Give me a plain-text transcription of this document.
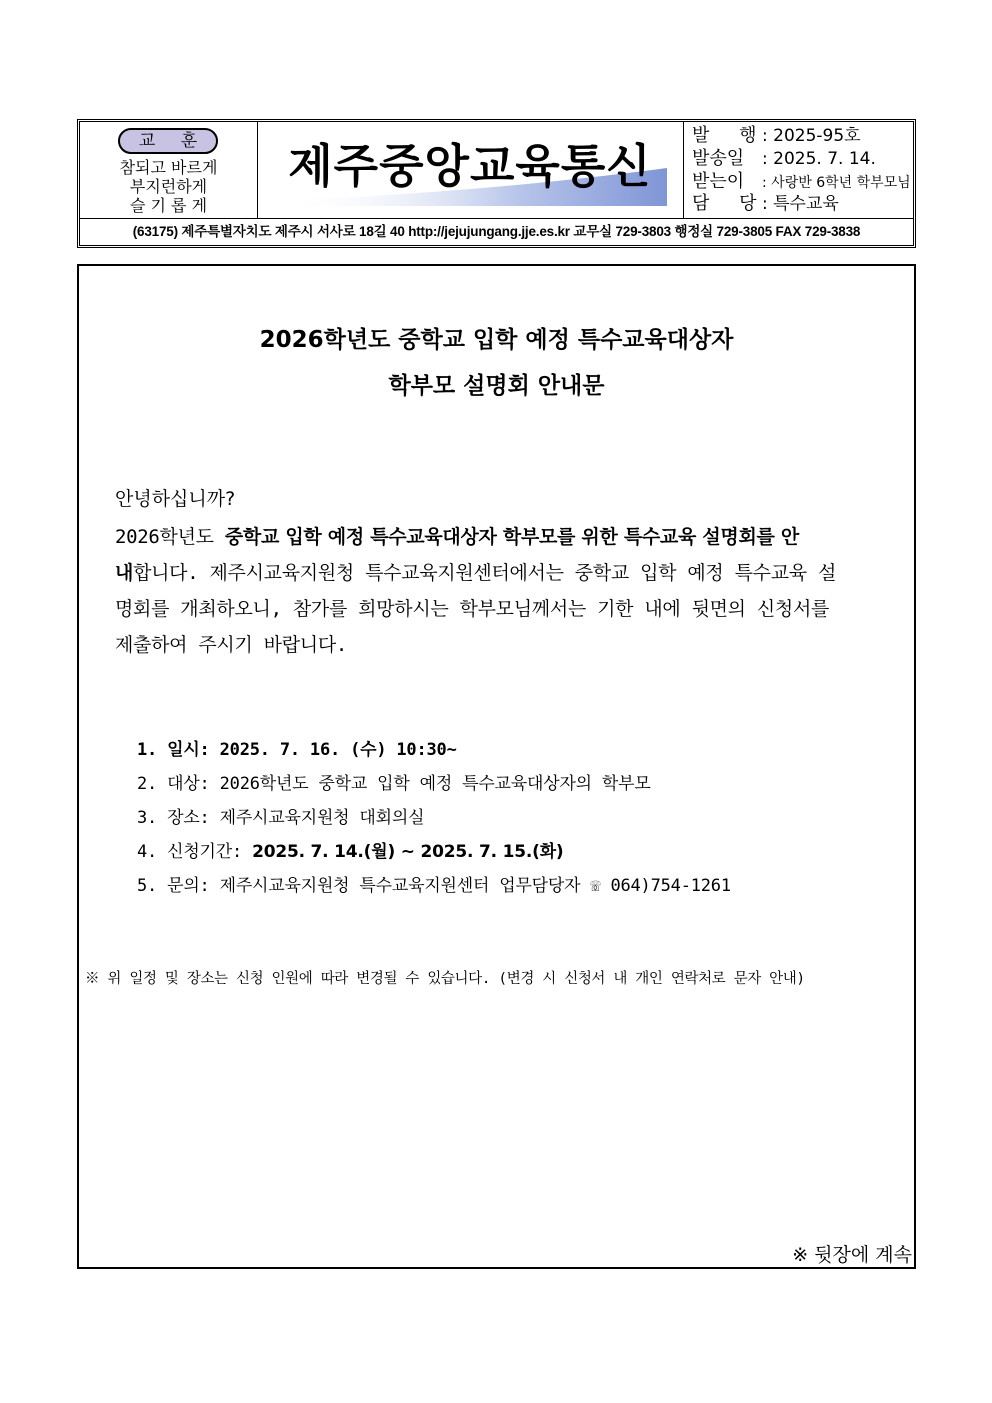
교 훈
참되고 바르게
부지런하게
슬 기 롭 게
제주중앙교육통신
발 행: 2025-95호
발송일 : 2025. 7. 14.
받는이 : 사랑반 6학년 학부모님
담 당: 특수교육
(63175) 제주특별자치도 제주시 서사로 18길 40 http://jejujungang.jje.es.kr 교무실 729-3803 행정실 729-3805 FAX 729-3838
2026학년도 중학교 입학 예정 특수교육대상자
학부모 설명회 안내문
안녕하십니까?
2026학년도 중학교 입학 예정 특수교육대상자 학부모를 위한 특수교육 설명회를 안
내합니다. 제주시교육지원청 특수교육지원센터에서는 중학교 입학 예정 특수교육 설
명회를 개최하오니, 참가를 희망하시는 학부모님께서는 기한 내에 뒷면의 신청서를
제출하여 주시기 바랍니다.
1. 일시: 2025. 7. 16. (수) 10:30~
2. 대상: 2026학년도 중학교 입학 예정 특수교육대상자의 학부모
3. 장소: 제주시교육지원청 대회의실
4. 신청기간: 2025. 7. 14.(월) ~ 2025. 7. 15.(화)
5. 문의: 제주시교육지원청 특수교육지원센터 업무담당자 ☏ 064)754-1261
※ 위 일정 및 장소는 신청 인원에 따라 변경될 수 있습니다. (변경 시 신청서 내 개인 연락처로 문자 안내)
※ 뒷장에 계속
